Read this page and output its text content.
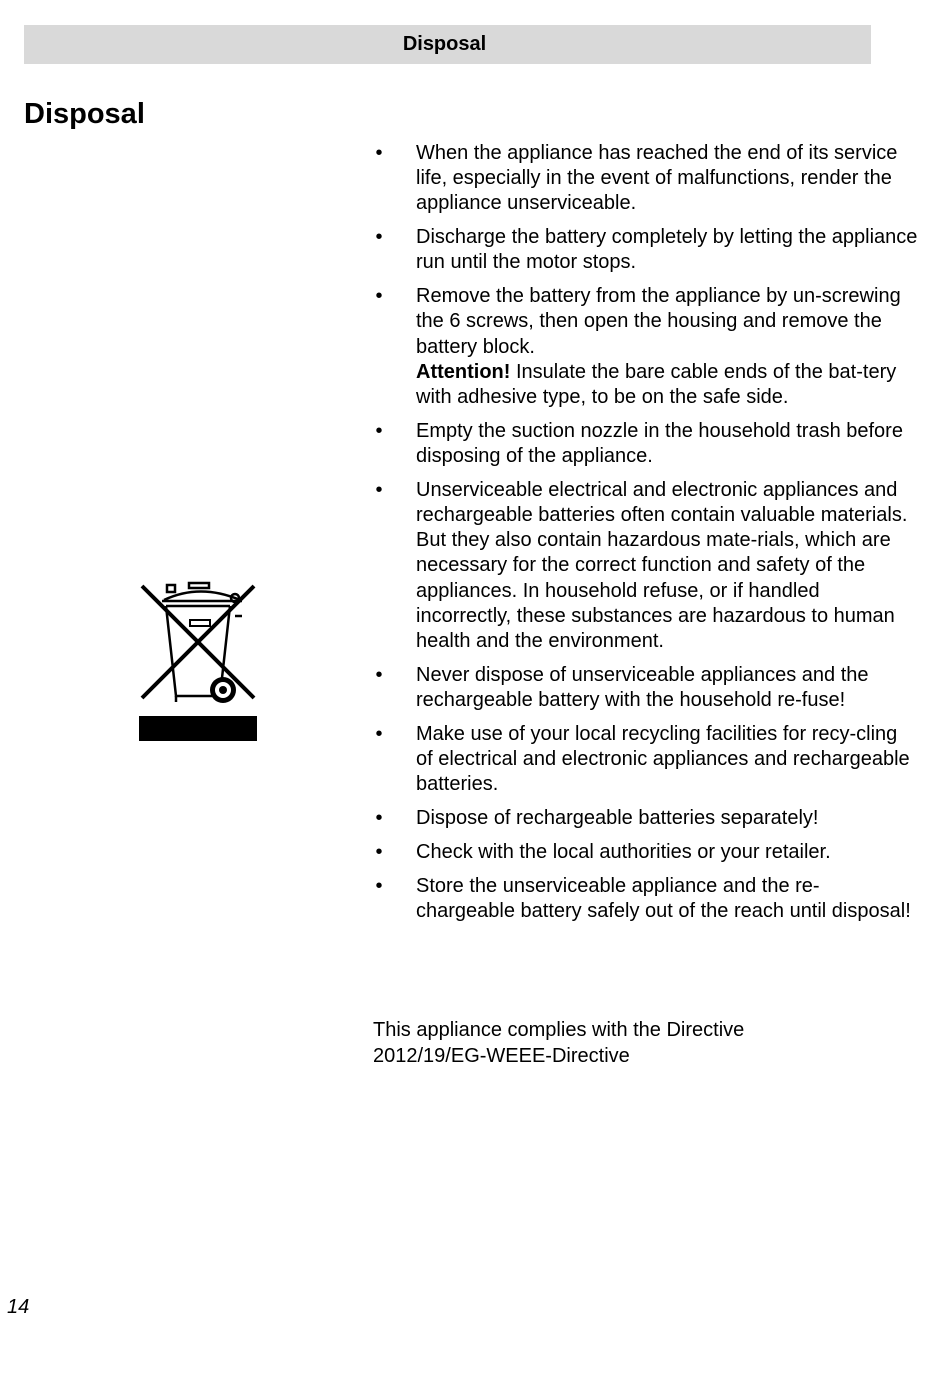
Disposal
Disposal
• When the appliance has reached the end of its service life, especially in the event of malfunctions, render the appliance unserviceable.
• Discharge the battery completely by letting the appliance run until the motor stops.
• Remove the battery from the appliance by un-screwing the 6 screws, then open the housing and remove the battery block.
Attention! Insulate the bare cable ends of the bat-tery with adhesive type, to be on the safe side.
• Empty the suction nozzle in the household trash before disposing of the appliance.
• Unserviceable electrical and electronic appliances and rechargeable batteries often contain valuable materials. But they also contain hazardous mate-rials, which are necessary for the correct function and safety of the appliances. In household refuse, or if handled incorrectly, these substances are hazardous to human health and the environment.
• Never dispose of unserviceable appliances and the rechargeable battery with the household re-fuse!
• Make use of your local recycling facilities for recy-cling of electrical and electronic appliances and rechargeable batteries.
• Dispose of rechargeable batteries separately!
• Check with the local authorities or your retailer.
• Store the unserviceable appliance and the re-chargeable battery safely out of the reach until disposal!

This appliance complies with the Directive
2012/19/EG-WEEE-Directive

14
